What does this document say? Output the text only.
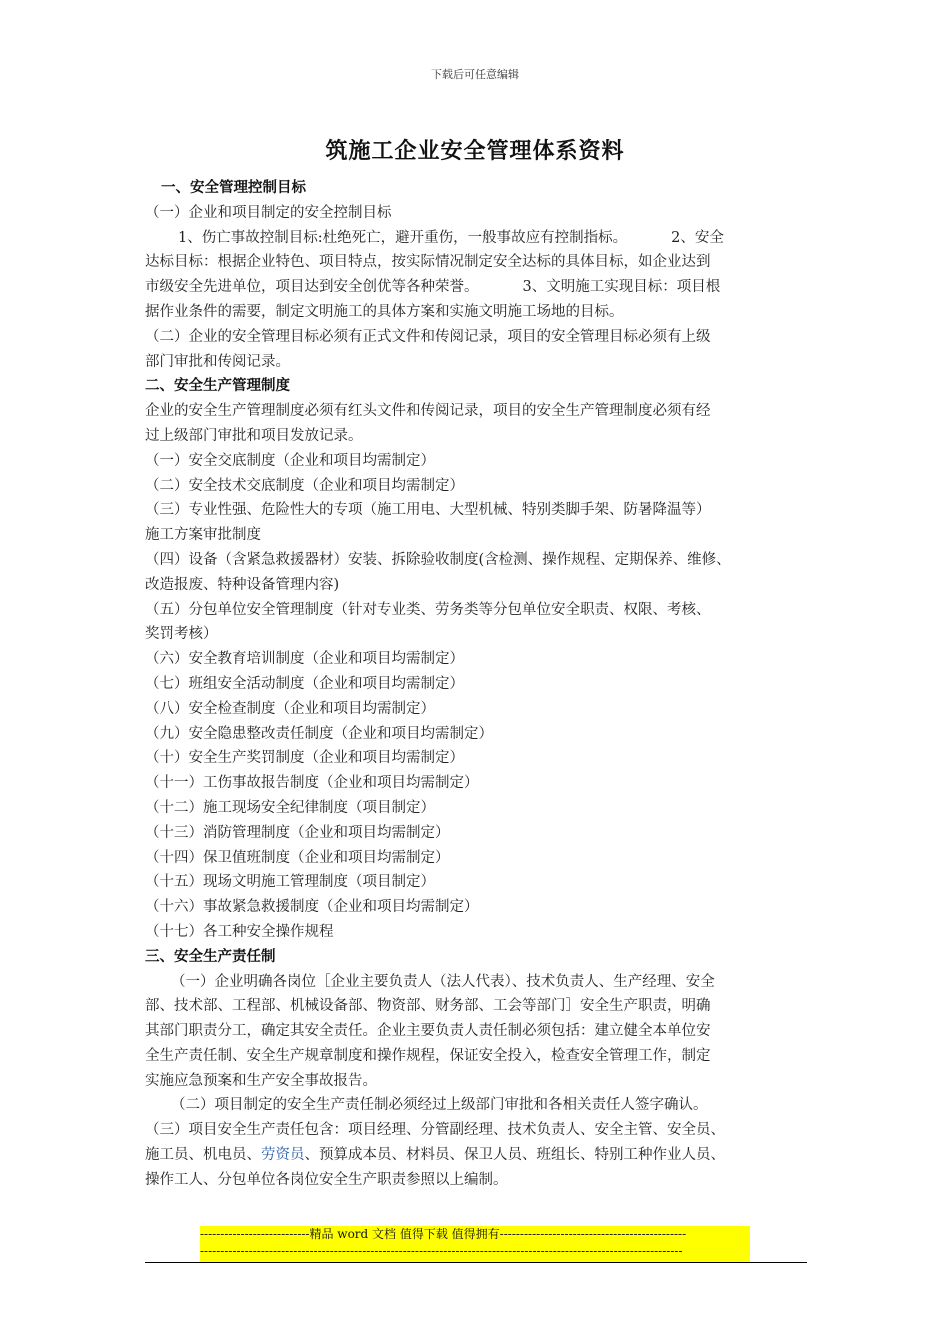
下载后可任意编辑
筑施工企业安全管理体系资料
一、安全管理控制目标
（一）企业和项目制定的安全控制目标
1、伤亡事故控制目标:杜绝死亡，避开重伤，一般事故应有控制指标。	2、安全
达标目标：根据企业特色、项目特点，按实际情况制定安全达标的具体目标，如企业达到
市级安全先进单位，项目达到安全创优等各种荣誉。	3、文明施工实现目标：项目根
据作业条件的需要，制定文明施工的具体方案和实施文明施工场地的目标。
（二）企业的安全管理目标必须有正式文件和传阅记录，项目的安全管理目标必须有上级
部门审批和传阅记录。
二、安全生产管理制度
企业的安全生产管理制度必须有红头文件和传阅记录，项目的安全生产管理制度必须有经
过上级部门审批和项目发放记录。
（一）安全交底制度（企业和项目均需制定）
（二）安全技术交底制度（企业和项目均需制定）
（三）专业性强、危险性大的专项（施工用电、大型机械、特别类脚手架、防暑降温等）
施工方案审批制度
（四）设备（含紧急救援器材）安装、拆除验收制度(含检测、操作规程、定期保养、维修、
改造报废、特种设备管理内容)
（五）分包单位安全管理制度（针对专业类、劳务类等分包单位安全职责、权限、考核、
奖罚考核）
（六）安全教育培训制度（企业和项目均需制定）
（七）班组安全活动制度（企业和项目均需制定）
（八）安全检查制度（企业和项目均需制定）
（九）安全隐患整改责任制度（企业和项目均需制定）
（十）安全生产奖罚制度（企业和项目均需制定）
（十一）工伤事故报告制度（企业和项目均需制定）
（十二）施工现场安全纪律制度（项目制定）
（十三）消防管理制度（企业和项目均需制定）
（十四）保卫值班制度（企业和项目均需制定）
（十五）现场文明施工管理制度（项目制定）
（十六）事故紧急救援制度（企业和项目均需制定）
（十七）各工种安全操作规程
三、安全生产责任制
（一）企业明确各岗位［企业主要负责人（法人代表）、技术负责人、生产经理、安全
部、技术部、工程部、机械设备部、物资部、财务部、工会等部门］安全生产职责，明确
其部门职责分工，确定其安全责任。企业主要负责人责任制必须包括：建立健全本单位安
全生产责任制、安全生产规章制度和操作规程，保证安全投入，检查安全管理工作，制定
实施应急预案和生产安全事故报告。
（二）项目制定的安全生产责任制必须经过上级部门审批和各相关责任人签字确认。
（三）项目安全生产责任包含：项目经理、分管副经理、技术负责人、安全主管、安全员、
施工员、机电员、劳资员、预算成本员、材料员、保卫人员、班组长、特别工种作业人员、
操作工人、分包单位各岗位安全生产职责参照以上编制。
---------------------------精品 word 文档 值得下载 值得拥有----------------------------------------------
-----------------------------------------------------------------------------------------------------------------------
